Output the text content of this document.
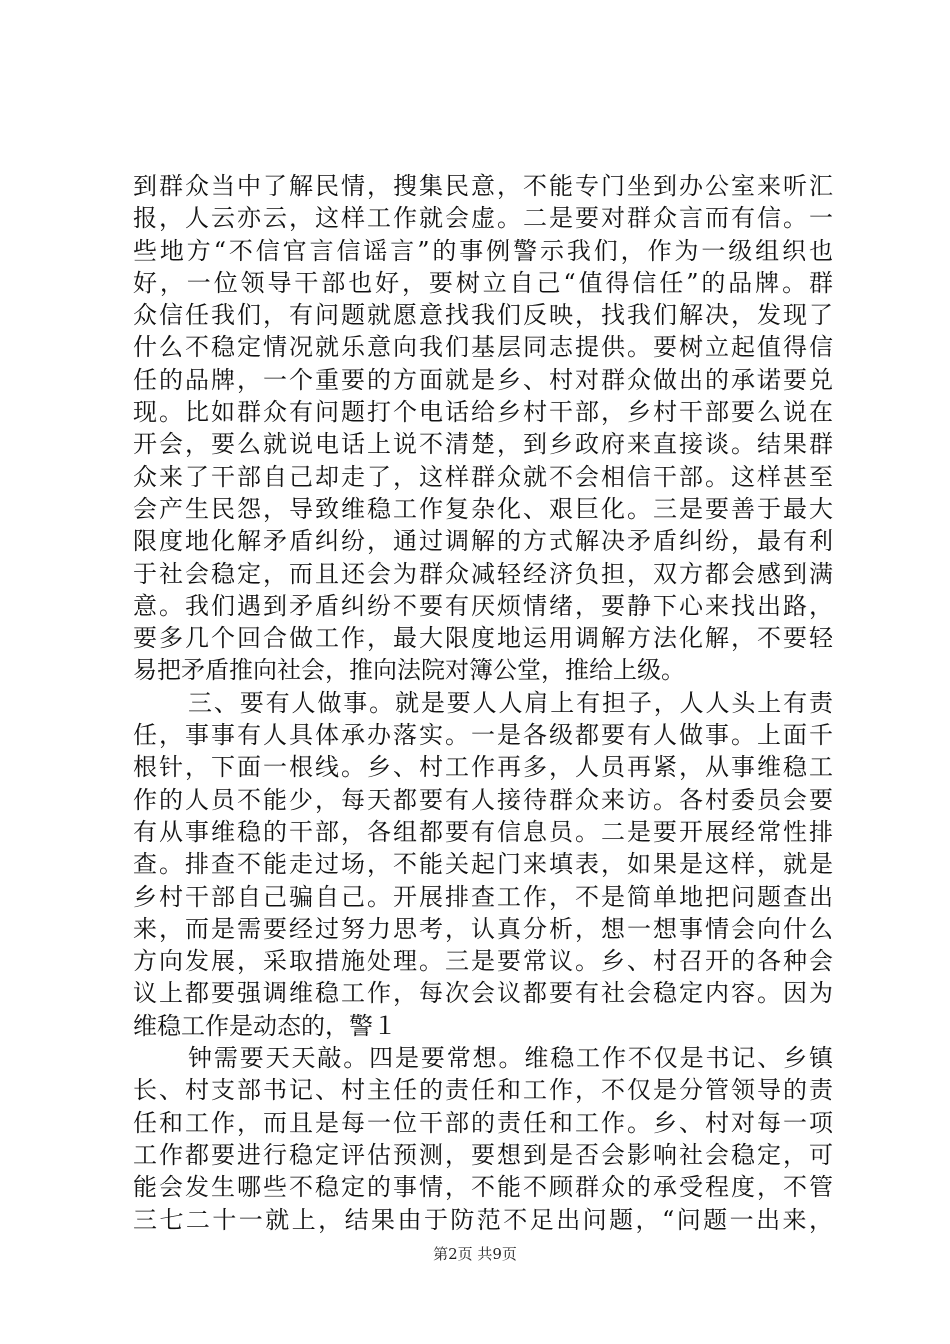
到群众当中了解民情，搜集民意，不能专门坐到办公室来听汇
报，人云亦云，这样工作就会虚。二是要对群众言而有信。一
些地方“不信官言信谣言”的事例警示我们，作为一级组织也
好，一位领导干部也好，要树立自己“值得信任”的品牌。群
众信任我们，有问题就愿意找我们反映，找我们解决，发现了
什么不稳定情况就乐意向我们基层同志提供。要树立起值得信
任的品牌，一个重要的方面就是乡、村对群众做出的承诺要兑
现。比如群众有问题打个电话给乡村干部，乡村干部要么说在
开会，要么就说电话上说不清楚，到乡政府来直接谈。结果群
众来了干部自己却走了，这样群众就不会相信干部。这样甚至
会产生民怨，导致维稳工作复杂化、艰巨化。三是要善于最大
限度地化解矛盾纠纷，通过调解的方式解决矛盾纠纷，最有利
于社会稳定，而且还会为群众减轻经济负担，双方都会感到满
意。我们遇到矛盾纠纷不要有厌烦情绪，要静下心来找出路，
要多几个回合做工作，最大限度地运用调解方法化解，不要轻
易把矛盾推向社会，推向法院对簿公堂，推给上级。
三、要有人做事。就是要人人肩上有担子，人人头上有责
任，事事有人具体承办落实。一是各级都要有人做事。上面千
根针，下面一根线。乡、村工作再多，人员再紧，从事维稳工
作的人员不能少，每天都要有人接待群众来访。各村委员会要
有从事维稳的干部，各组都要有信息员。二是要开展经常性排
查。排查不能走过场，不能关起门来填表，如果是这样，就是
乡村干部自己骗自己。开展排查工作，不是简单地把问题查出
来，而是需要经过努力思考，认真分析，想一想事情会向什么
方向发展，采取措施处理。三是要常议。乡、村召开的各种会
议上都要强调维稳工作，每次会议都要有社会稳定内容。因为
维稳工作是动态的，警１
钟需要天天敲。四是要常想。维稳工作不仅是书记、乡镇
长、村支部书记、村主任的责任和工作，不仅是分管领导的责
任和工作，而且是每一位干部的责任和工作。乡、村对每一项
工作都要进行稳定评估预测，要想到是否会影响社会稳定，可
能会发生哪些不稳定的事情，不能不顾群众的承受程度，不管
三七二十一就上，结果由于防范不足出问题，“问题一出来，
第2页 共9页
